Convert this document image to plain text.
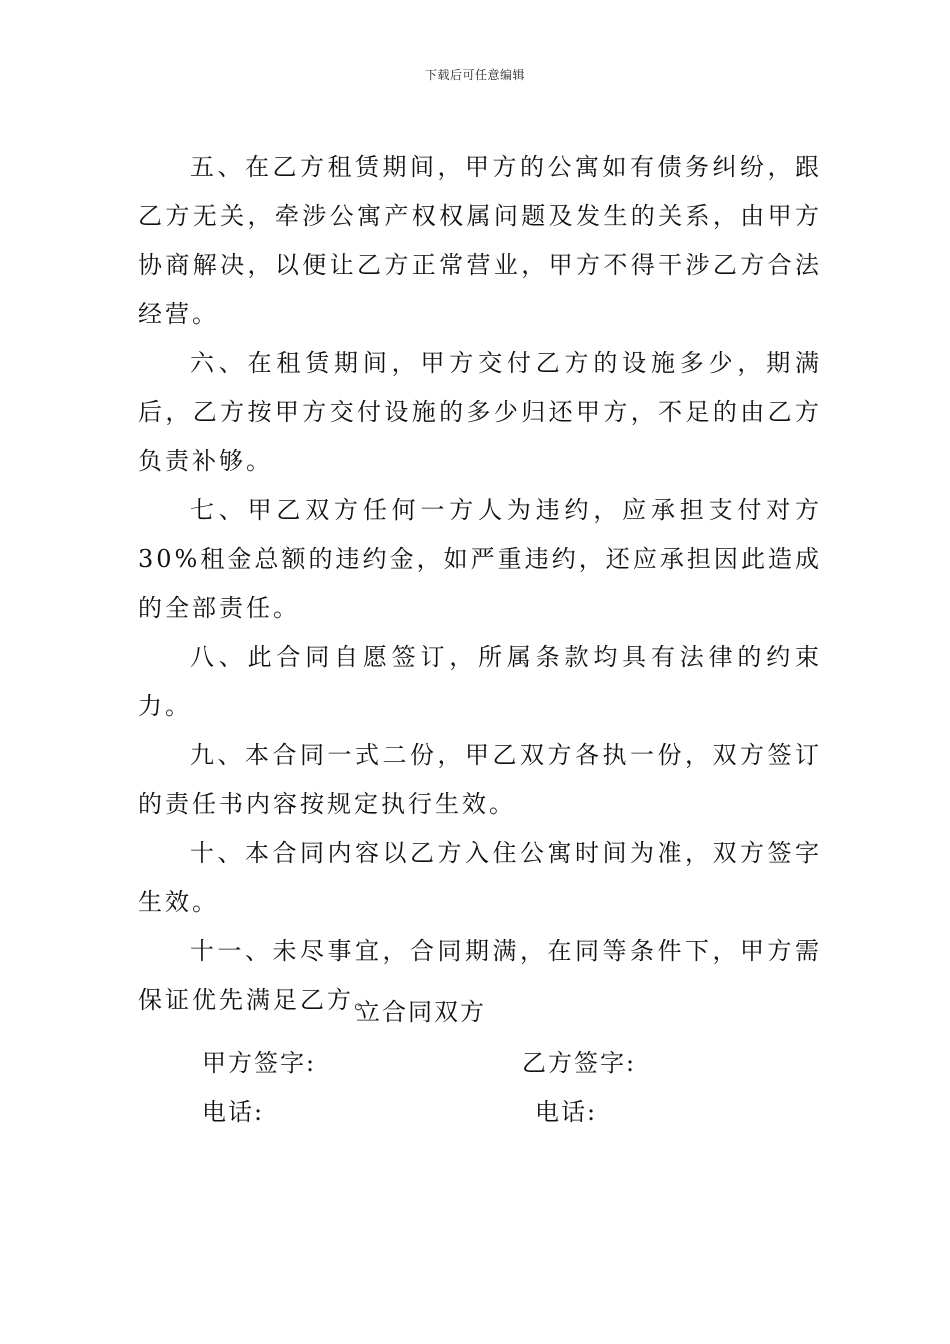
下载后可任意编辑

五、在乙方租赁期间，甲方的公寓如有债务纠纷，跟乙方无关，牵涉公寓产权权属问题及发生的关系，由甲方协商解决，以便让乙方正常营业，甲方不得干涉乙方合法经营。

六、在租赁期间，甲方交付乙方的设施多少，期满后，乙方按甲方交付设施的多少归还甲方，不足的由乙方负责补够。

七、甲乙双方任何一方人为违约，应承担支付对方 30%租金总额的违约金，如严重违约，还应承担因此造成的全部责任。

八、此合同自愿签订，所属条款均具有法律的约束力。

九、本合同一式二份，甲乙双方各执一份，双方签订的责任书内容按规定执行生效。

十、本合同内容以乙方入住公寓时间为准，双方签字生效。

十一、未尽事宜，合同期满，在同等条件下，甲方需保证优先满足乙方。

立合同双方
甲方签字:	乙方签字:
电话:	电话:
